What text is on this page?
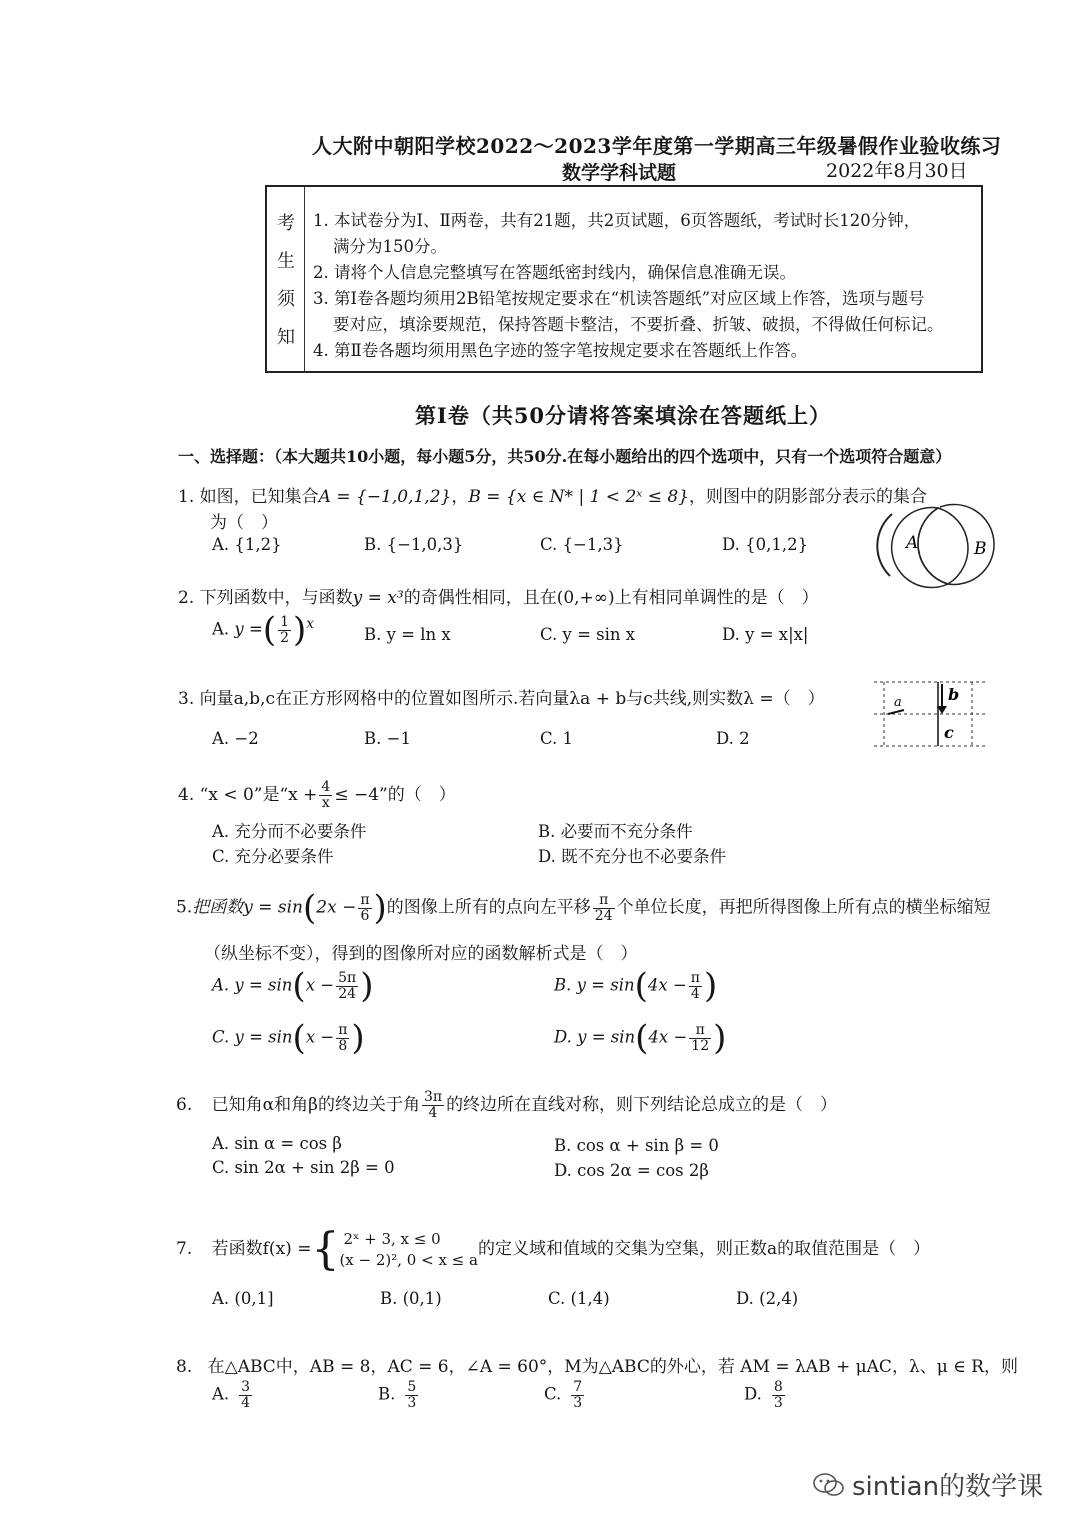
人大附中朝阳学校2022～2023学年度第一学期高三年级暑假作业验收练习
数学学科试题	2022年8月30日
考
生
须
知
1. 本试卷分为Ⅰ、Ⅱ两卷，共有21题，共2页试题，6页答题纸，考试时长120分钟，
满分为150分。
2. 请将个人信息完整填写在答题纸密封线内，确保信息准确无误。
3. 第Ⅰ卷各题均须用2B铅笔按规定要求在“机读答题纸”对应区域上作答，选项与题号
要对应，填涂要规范，保持答题卡整洁，不要折叠、折皱、破损，不得做任何标记。
4. 第Ⅱ卷各题均须用黑色字迹的签字笔按规定要求在答题纸上作答。
第Ⅰ卷（共50分请将答案填涂在答题纸上）
一、选择题：（本大题共10小题，每小题5分，共50分.在每小题给出的四个选项中，只有一个选项符合题意）
1. 如图，已知集合A = {−1,0,1,2}，B = {x ∈ N* | 1 < 2ˣ ≤ 8}，则图中的阴影部分表示的集合
为（　）
A. {1,2}	B. {−1,0,3}	C. {−1,3}	D. {0,1,2}	A	B
2. 下列函数中，与函数y = x³的奇偶性相同，且在(0,+∞)上有相同单调性的是（　）
A. y =( $\frac{1}{2} )^x$
B. y = ln x	C. y = sin x	D. y = x|x|
3. 向量a,b,c在正方形网格中的位置如图所示.若向量λa + b与c共线,则实数λ =（　）
A. −2	B. −1	C. 1	D. 2
b
a
c
4. “x < 0”是“$x + \frac{4}{x} \le -4$”的（　）
A. 充分而不必要条件	B. 必要而不充分条件
C. 充分必要条件	D. 既不充分也不必要条件
5.把函数$y = \sin(2x - \frac{\pi}{6}$ )的图像上所有的点向左平移 $\frac{\pi}{24}$ 个单位长度，再把所得图像上所有点的横坐标缩短
（纵坐标不变），得到的图像所对应的函数解析式是（　）
A. $y = \sin(x - \frac{5\pi}{24}$ )	B. $y = \sin(4x - \frac{\pi}{4}$ )
C. $y = \sin(x - \frac{\pi}{8}$ )	D. $y = \sin(4x - \frac{\pi}{12}$ )
6. 已知角α和角β的终边关于角 $\frac{3\pi}{4}$ 的终边所在直线对称，则下列结论总成立的是（　）
A. sin α = cos β	B. cos α + sin β = 0
C. sin 2α + sin 2β = 0	D. cos 2α = cos 2β
7. 若函数f(x) ={ 2ˣ + 3, x ≤ 0
(x − 2)², 0 < x ≤ a
的定义域和值域的交集为空集，则正数a的取值范围是（　）
A. (0,1]	B. (0,1)	C. (1,4)	D. (2,4)
8. 在△ABC中，AB = 8，AC = 6，∠A = 60°，M为△ABC的外心，若 AM = λAB + μAC，λ、μ ∈ R，则
A. $\frac{3}{4}$	B. $\frac{5}{3}$	C. $\frac{7}{3}$	D. $\frac{8}{3}$
sintian的数学课
